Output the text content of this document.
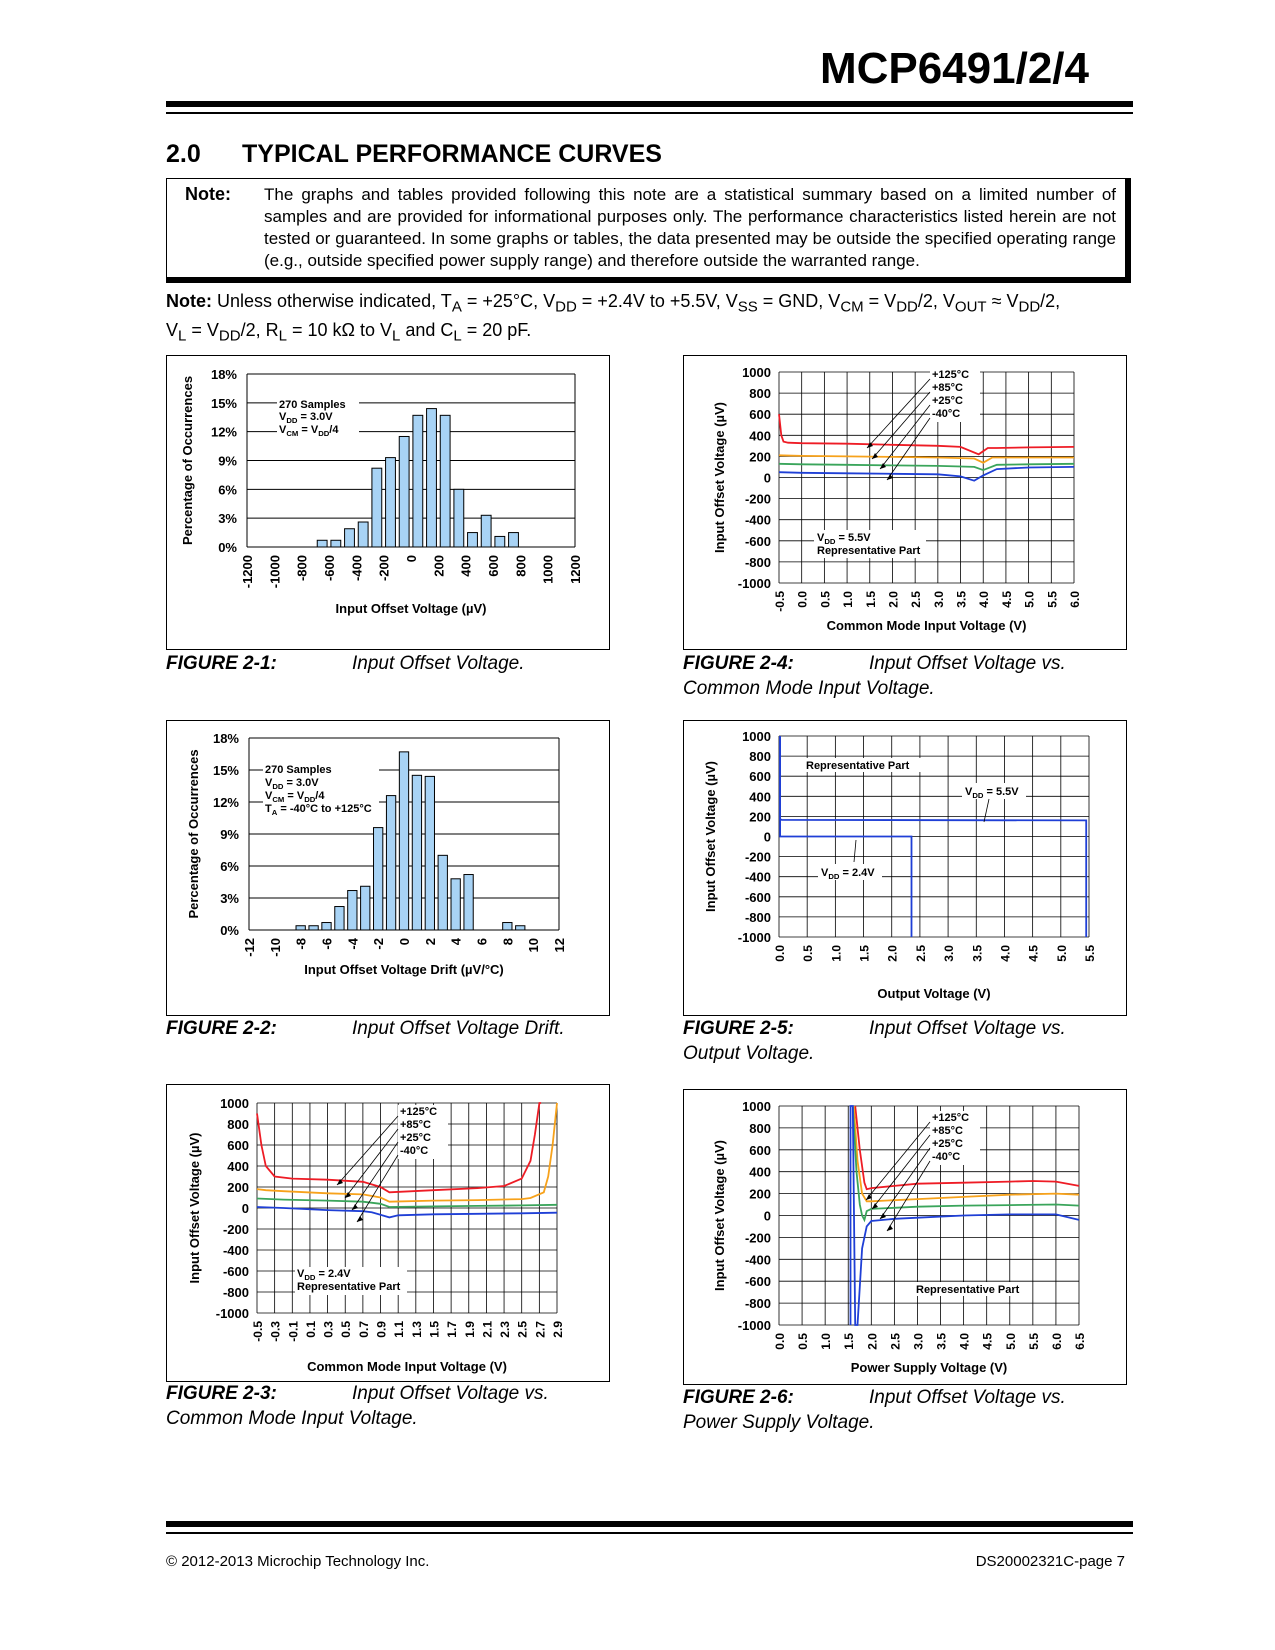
MCP6491/2/4
2.0 TYPICAL PERFORMANCE CURVES
Note: The graphs and tables provided following this note are a statistical summary based on a limited number of samples and are provided for informational purposes only. The performance characteristics listed herein are not tested or guaranteed. In some graphs or tables, the data presented may be outside the specified operating range (e.g., outside specified power supply range) and therefore outside the warranted range.
Note: Unless otherwise indicated, $T_A = +25^\circ C$, $V_{DD} = +2.4V$ to +5.5V, $V_{SS}$ = GND, $V_{CM} = V_{DD}/2$, $V_{OUT} \approx V_{DD}/2$,
$V_L = V_{DD}/2$, $R_L = 10$ kΩ to $V_L$ and $C_L = 20$ pF.
0%
3%
6%
9%
12%
15%
18%
-1200 -1000 -800 -600 -400 -200 0 200 400 600 800 1000 1200
Input Offset Voltage (µV)
Percentage of Occurrences	270 Samples
$V_{DD} = 3.0V$
$V_{CM} = V_{DD}/4$
FIGURE 2-1:	Input Offset Voltage.
0%
3%
6%
9%
12%
15%
18%
-12 -10 -8 -6 -4 -2 0 2 4 6 8 10 12
Input Offset Voltage Drift (µV/°C)
Percentage of Occurrences	270 Samples
$V_{DD} = 3.0V$
$V_{CM} = V_{DD}/4$
$T_A = -40^\circ C$ to +125°C
FIGURE 2-2:	Input Offset Voltage Drift.
-0.5 -0.3 -0.1 0.1 0.3 0.5 0.7 0.9 1.1 1.3 1.5 1.7 1.9 2.1 2.3 2.5 2.7 2.9
-1000
-800
-600
-400
-200
0
200
400
600
800
1000
Common Mode Input Voltage (V)
Input Offset Voltage (µV)
+125°C
+85°C
+25°C
-40°C
$V_{DD} = 2.4V$
Representative Part
FIGURE 2-3:	Input Offset Voltage vs.
Common Mode Input Voltage.
-0.5 0.0 0.5 1.0 1.5 2.0 2.5 3.0 3.5 4.0 4.5 5.0 5.5 6.0
-1000
-800
-600
-400
-200
0
200
400
600
800
1000
Common Mode Input Voltage (V)
Input Offset Voltage (µV)
+125°C
+85°C
+25°C
-40°C
$V_{DD} = 5.5V$
Representative Part
FIGURE 2-4:	Input Offset Voltage vs.
Common Mode Input Voltage.
0.0 0.5 1.0 1.5 2.0 2.5 3.0 3.5 4.0 4.5 5.0 5.5
-1000
-800
-600
-400
-200
0
200
400
600
800
1000
Output Voltage (V)
Input Offset Voltage (µV)	Representative Part
$V_{DD} = 5.5V$
$V_{DD} = 2.4V$
FIGURE 2-5:	Input Offset Voltage vs.
Output Voltage.
0.0 0.5 1.0 1.5 2.0 2.5 3.0 3.5 4.0 4.5 5.0 5.5 6.0 6.5
-1000
-800
-600
-400
-200
0
200
400
600
800
1000
Power Supply Voltage (V)
Input Offset Voltage (µV)
+125°C
+85°C
+25°C
-40°C
Representative Part
FIGURE 2-6:	Input Offset Voltage vs.
Power Supply Voltage.
© 2012-2013 Microchip Technology Inc.	DS20002321C-page 7
